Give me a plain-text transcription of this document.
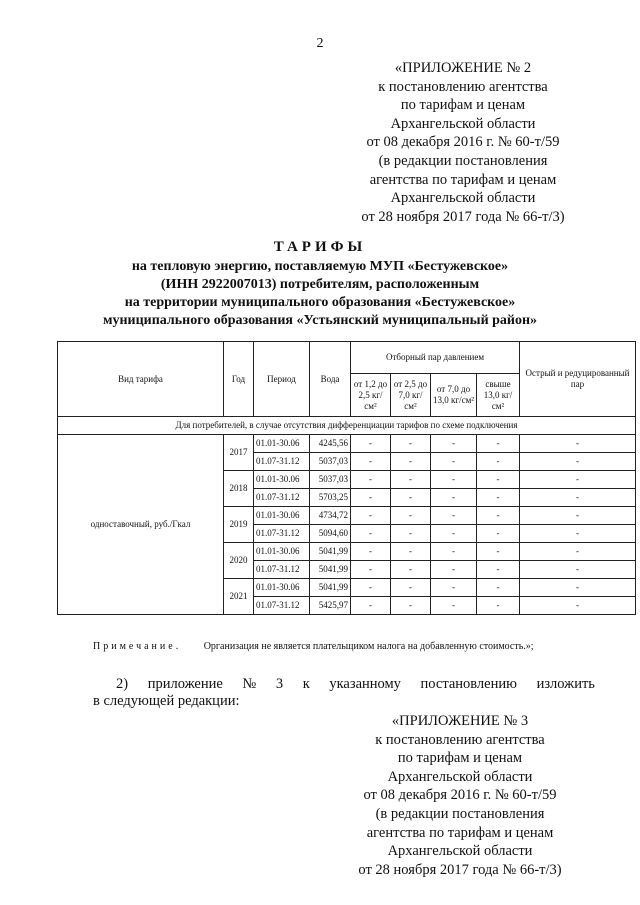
2
«ПРИЛОЖЕНИЕ № 2
к постановлению агентства
по тарифам и ценам
Архангельской области
от 08 декабря 2016 г. № 60-т/59
(в редакции постановления
агентства по тарифам и ценам
Архангельской области
от 28 ноября 2017 года № 66-т/3)
ТАРИФЫ
на тепловую энергию, поставляемую МУП «Бестужевское»
(ИНН 2922007013) потребителям, расположенным
на территории муниципального образования «Бестужевское»
муниципального образования «Устьянский муниципальный район»
Вид тарифа	Год	Период	Вода	Отборный пар давлением				Острый и редуцированный пар
				от 1,2 до 2,5 кг/см²	от 2,5 до 7,0 кг/см²	от 7,0 до 13,0 кг/см²	свыше 13,0 кг/см²	
Для потребителей, в случае отсутствия дифференциации тарифов по схеме подключения								
одноставочный, руб./Гкал	2017	01.01-30.06	4245,56	-	-	-	-	-
		01.07-31.12	5037,03	-	-	-	-	-
	2018	01.01-30.06	5037,03	-	-	-	-	-
		01.07-31.12	5703,25	-	-	-	-	-
	2019	01.01-30.06	4734,72	-	-	-	-	-
		01.07-31.12	5094,60	-	-	-	-	-
	2020	01.01-30.06	5041,99	-	-	-	-	-
		01.07-31.12	5041,99	-	-	-	-	-
	2021	01.01-30.06	5041,99	-	-	-	-	-
		01.07-31.12	5425,97	-	-	-	-	-
Примечание. Организация не является плательщиком налога на добавленную стоимость.»;
2) приложение № 3 к указанному постановлению изложить
в следующей редакции:
«ПРИЛОЖЕНИЕ № 3
к постановлению агентства
по тарифам и ценам
Архангельской области
от 08 декабря 2016 г. № 60-т/59
(в редакции постановления
агентства по тарифам и ценам
Архангельской области
от 28 ноября 2017 года № 66-т/3)
